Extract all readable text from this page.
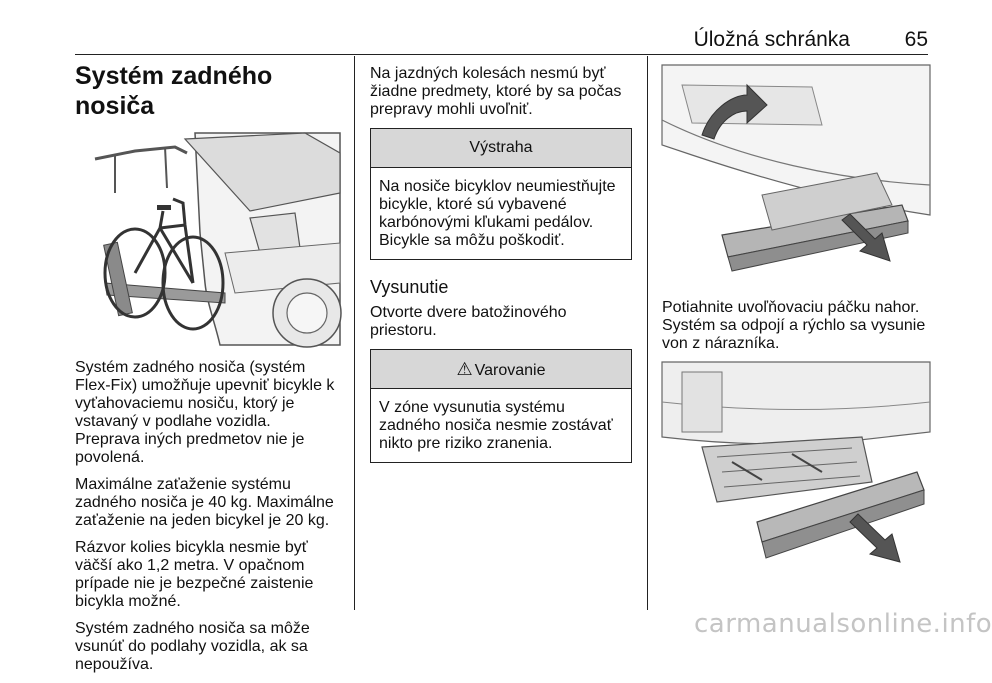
Úložná schránka	65
Systém zadného nosiča

Systém zadného nosiča (systém Flex-Fix) umožňuje upevniť bicykle k vyťahovaciemu nosiču, ktorý je vstavaný v podlahe vozidla. Preprava iných predmetov nie je povolená.

Maximálne zaťaženie systému zadného nosiča je 40 kg. Maximálne zaťaženie na jeden bicykel je 20 kg.

Rázvor kolies bicykla nesmie byť väčší ako 1,2 metra. V opačnom prípade nie je bezpečné zaistenie bicykla možné.

Systém zadného nosiča sa môže vsunúť do podlahy vozidla, ak sa nepoužíva.

Na jazdných kolesách nesmú byť žiadne predmety, ktoré by sa počas prepravy mohli uvoľniť.

Výstraha
Na nosiče bicyklov neumiestňujte bicykle, ktoré sú vybavené karbónovými kľukami pedálov. Bicykle sa môžu poškodiť.
Vysunutie

Otvorte dvere batožinového priestoru.

⚠ Varovanie
V zóne vysunutia systému zadného nosiča nesmie zostávať nikto pre riziko zranenia.

Potiahnite uvoľňovaciu páčku nahor. Systém sa odpojí a rýchlo sa vysunie von z nárazníka.

carmanualsonline.info
